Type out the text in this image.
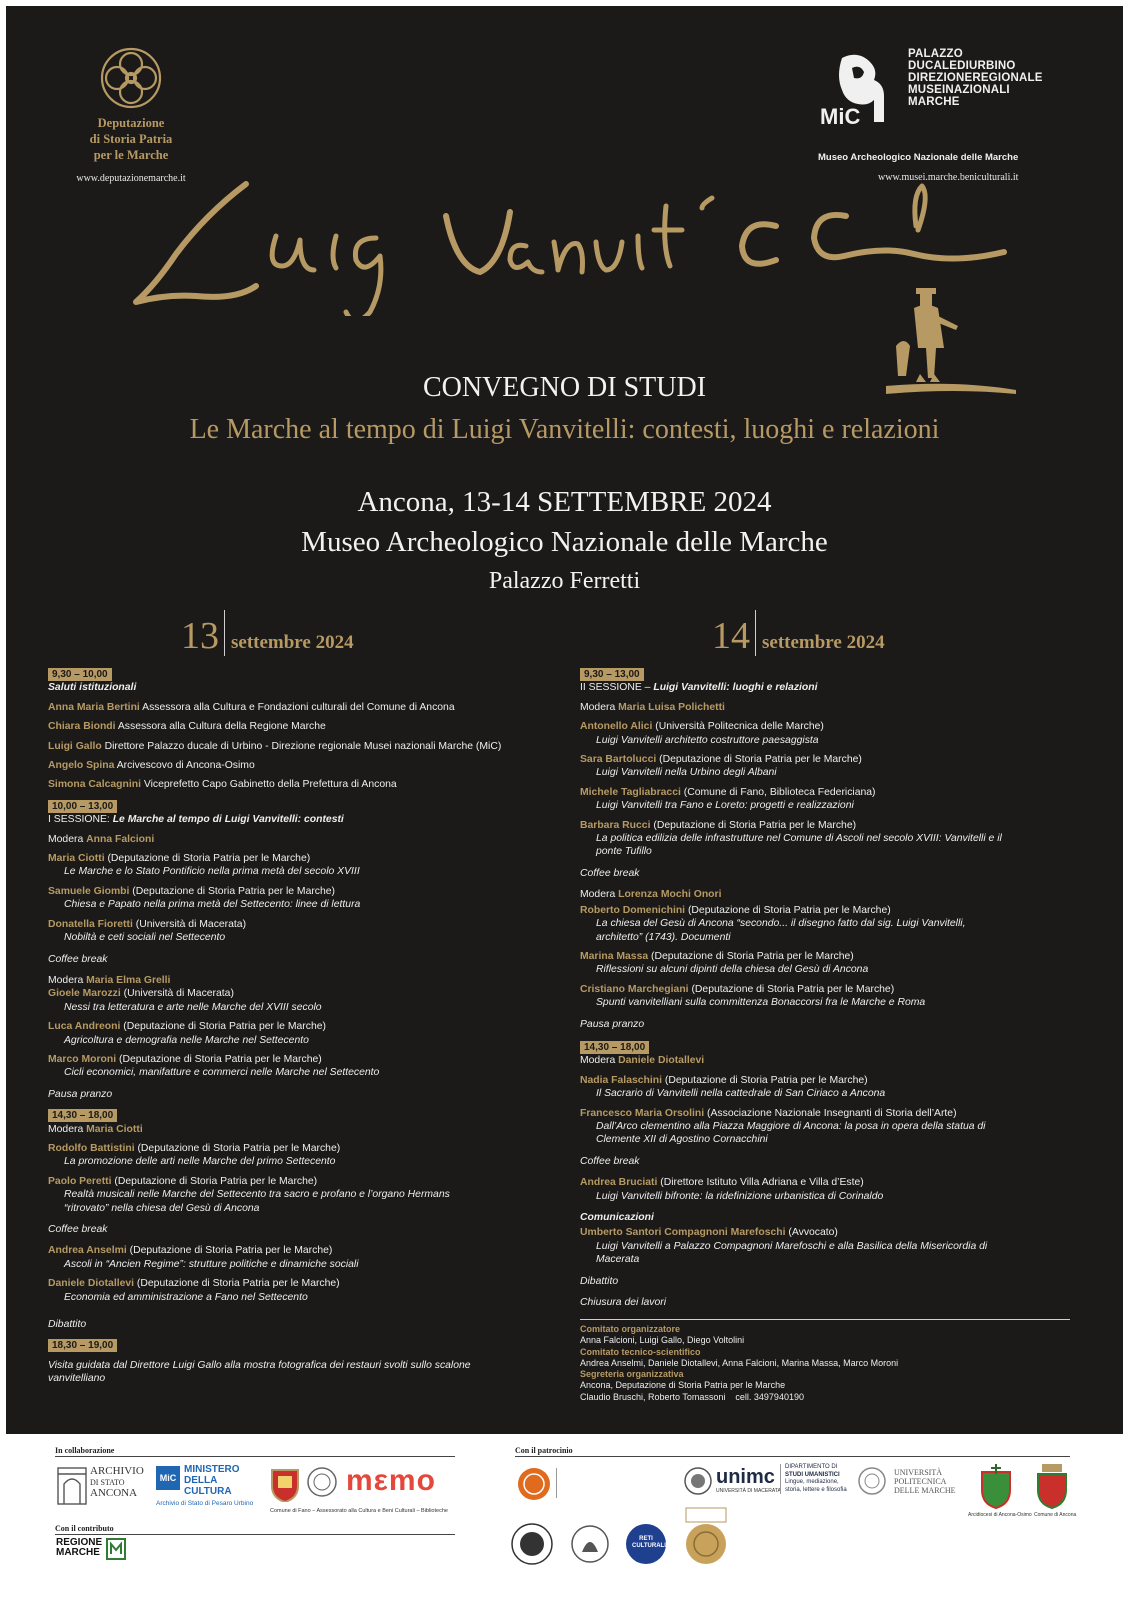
Deputazione
di Storia Patria
per le Marche
www.deputazionemarche.it
MiC
PALAZZO
DUCALEDIURBINO
DIREZIONEREGIONALE
MUSEINAZIONALI
MARCHE
Museo Archeologico Nazionale delle Marche
www.musei.marche.beniculturali.it
CONVEGNO DI STUDI
Le Marche al tempo di Luigi Vanvitelli: contesti, luoghi e relazioni
Ancona, 13-14 SETTEMBRE 2024
Museo Archeologico Nazionale delle Marche
Palazzo Ferretti
13 settembre 2024	14 settembre 2024
9,30 – 10,00

Saluti istituzionali

Anna Maria Bertini Assessora alla Cultura e Fondazioni culturali del Comune di Ancona

Chiara Biondi Assessora alla Cultura della Regione Marche

Luigi Gallo Direttore Palazzo ducale di Urbino - Direzione regionale Musei nazionali Marche (MiC)

Angelo Spina Arcivescovo di Ancona-Osimo

Simona Calcagnini Viceprefetto Capo Gabinetto della Prefettura di Ancona

10,00 – 13,00

I SESSIONE: Le Marche al tempo di Luigi Vanvitelli: contesti

Modera Anna Falcioni

Maria Ciotti (Deputazione di Storia Patria per le Marche)

Le Marche e lo Stato Pontificio nella prima metà del secolo XVIII

Samuele Giombi (Deputazione di Storia Patria per le Marche)

Chiesa e Papato nella prima metà del Settecento: linee di lettura

Donatella Fioretti (Università di Macerata)

Nobiltà e ceti sociali nel Settecento

Coffee break

Modera Maria Elma Grelli

Gioele Marozzi (Università di Macerata)

Nessi tra letteratura e arte nelle Marche del XVIII secolo

Luca Andreoni (Deputazione di Storia Patria per le Marche)

Agricoltura e demografia nelle Marche nel Settecento

Marco Moroni (Deputazione di Storia Patria per le Marche)

Cicli economici, manifatture e commerci nelle Marche nel Settecento

Pausa pranzo

14,30 – 18,00

Modera Maria Ciotti

Rodolfo Battistini (Deputazione di Storia Patria per le Marche)

La promozione delle arti nelle Marche del primo Settecento

Paolo Peretti (Deputazione di Storia Patria per le Marche)

Realtà musicali nelle Marche del Settecento tra sacro e profano e l’organo Hermans

“ritrovato” nella chiesa del Gesù di Ancona

Coffee break

Andrea Anselmi (Deputazione di Storia Patria per le Marche)

Ascoli in “Ancien Regime”: strutture politiche e dinamiche sociali

Daniele Diotallevi (Deputazione di Storia Patria per le Marche)

Economia ed amministrazione a Fano nel Settecento

Dibattito

18,30 – 19,00

Visita guidata dal Direttore Luigi Gallo alla mostra fotografica dei restauri svolti sullo scalone

vanvitelliano

9,30 – 13,00

II SESSIONE – Luigi Vanvitelli: luoghi e relazioni

Modera Maria Luisa Polichetti

Antonello Alici (Università Politecnica delle Marche)

Luigi Vanvitelli architetto costruttore paesaggista

Sara Bartolucci (Deputazione di Storia Patria per le Marche)

Luigi Vanvitelli nella Urbino degli Albani

Michele Tagliabracci (Comune di Fano, Biblioteca Federiciana)

Luigi Vanvitelli tra Fano e Loreto: progetti e realizzazioni

Barbara Rucci (Deputazione di Storia Patria per le Marche)

La politica edilizia delle infrastrutture nel Comune di Ascoli nel secolo XVIII: Vanvitelli e il

ponte Tufillo

Coffee break

Modera Lorenza Mochi Onori

Roberto Domenichini (Deputazione di Storia Patria per le Marche)

La chiesa del Gesù di Ancona “secondo... il disegno fatto dal sig. Luigi Vanvitelli,

architetto” (1743). Documenti

Marina Massa (Deputazione di Storia Patria per le Marche)

Riflessioni su alcuni dipinti della chiesa del Gesù di Ancona

Cristiano Marchegiani (Deputazione di Storia Patria per le Marche)

Spunti vanvitelliani sulla committenza Bonaccorsi fra le Marche e Roma

Pausa pranzo

14,30 – 18,00

Modera Daniele Diotallevi

Nadia Falaschini (Deputazione di Storia Patria per le Marche)

Il Sacrario di Vanvitelli nella cattedrale di San Ciriaco a Ancona

Francesco Maria Orsolini (Associazione Nazionale Insegnanti di Storia dell’Arte)

Dall’Arco clementino alla Piazza Maggiore di Ancona: la posa in opera della statua di

Clemente XII di Agostino Cornacchini

Coffee break

Andrea Bruciati (Direttore Istituto Villa Adriana e Villa d’Este)

Luigi Vanvitelli bifronte: la ridefinizione urbanistica di Corinaldo

Comunicazioni

Umberto Santori Compagnoni Marefoschi (Avvocato)

Luigi Vanvitelli a Palazzo Compagnoni Marefoschi e alla Basilica della Misericordia di

Macerata

Dibattito

Chiusura dei lavori

Comitato organizzatore
Anna Falcioni, Luigi Gallo, Diego Voltolini
Comitato tecnico-scientifico
Andrea Anselmi, Daniele Diotallevi, Anna Falcioni, Marina Massa, Marco Moroni
Segreteria organizzativa
Ancona, Deputazione di Storia Patria per le Marche
Claudio Bruschi, Roberto Tomassoni    cell. 3497940190
In collaborazione	Con il patrocinio
ARCHIVIO
DI STATO
ANCONA
MiC
MINISTERO
DELLA
CULTURA
Archivio di Stato di Pesaro Urbino
mεmo
Comune di Fano – Assessorato alla Cultura e Beni Culturali – Biblioteche
unimc
UNIVERSITÀ DI MACERATA
DIPARTIMENTO DI
STUDI UMANISTICI
Lingue, mediazione,
storia, lettere e filosofia
UNIVERSITÀ
POLITECNICA
DELLE MARCHE
Arcidiocesi di Ancona-Osimo Comune di Ancona
RETI
CULTURALI
Con il contributo
REGIONE
MARCHE
